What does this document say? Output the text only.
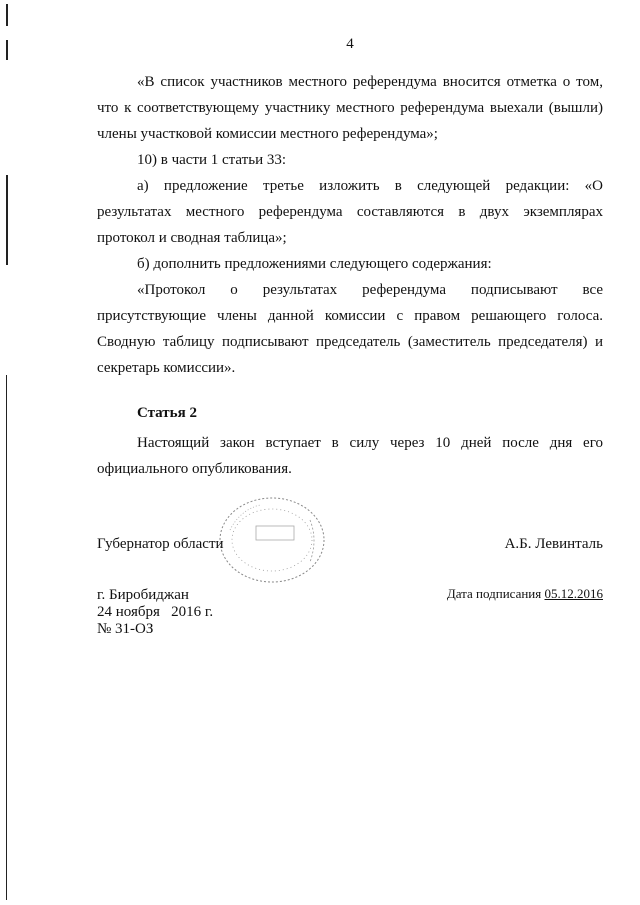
4
«В список участников местного референдума вносится отметка о том,
что к соответствующему участнику местного референдума выехали (вышли)
члены участковой комиссии местного референдума»;
10) в части 1 статьи 33:
а) предложение третье изложить в следующей редакции: «О
результатах местного референдума составляются в двух экземплярах
протокол и сводная таблица»;
б) дополнить предложениями следующего содержания:
«Протокол о результатах референдума подписывают все
присутствующие члены данной комиссии с правом решающего голоса.
Сводную таблицу подписывают председатель (заместитель председателя) и
секретарь комиссии».
Статья 2
Настоящий закон вступает в силу через 10 дней после дня его
официального опубликования.
Губернатор области	А.Б. Левинталь
г. Биробиджан
24 ноября   2016 г.
№ 31-ОЗ
Дата подписания 05.12.2016
